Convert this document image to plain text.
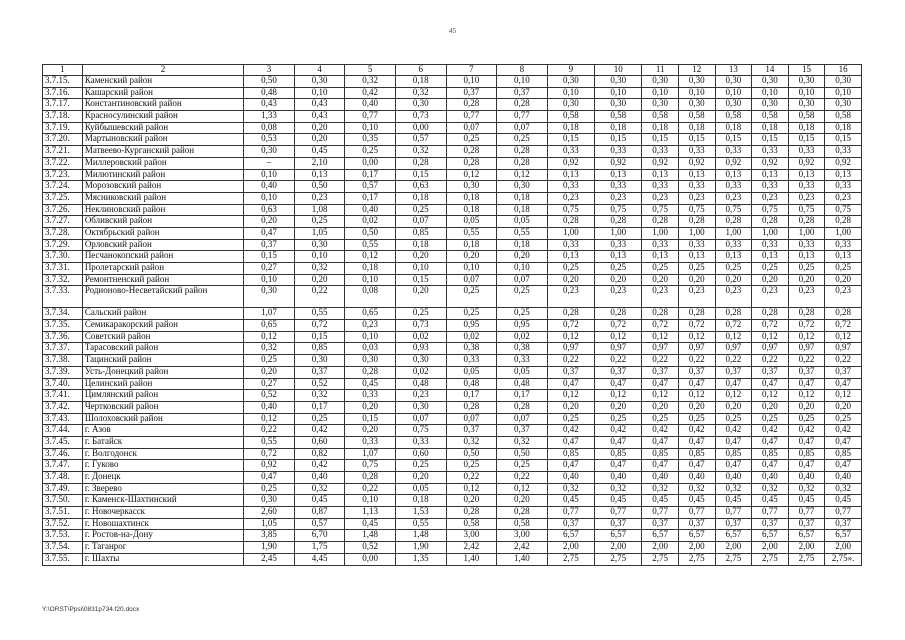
45
1	2	3	4	5	6	7	8	9	10	11	12	13	14	15	16
3.7.15.	Каменский район	0,50	0,30	0,32	0,18	0,10	0,10	0,30	0,30	0,30	0,30	0,30	0,30	0,30	0,30
3.7.16.	Кашарский район	0,48	0,10	0,42	0,32	0,37	0,37	0,10	0,10	0,10	0,10	0,10	0,10	0,10	0,10
3.7.17.	Константиновский район	0,43	0,43	0,40	0,30	0,28	0,28	0,30	0,30	0,30	0,30	0,30	0,30	0,30	0,30
3.7.18.	Красносулинский район	1,33	0,43	0,77	0,73	0,77	0,77	0,58	0,58	0,58	0,58	0,58	0,58	0,58	0,58
3.7.19.	Куйбышевский район	0,08	0,20	0,10	0,00	0,07	0,07	0,18	0,18	0,18	0,18	0,18	0,18	0,18	0,18
3.7.20.	Мартыновский район	0,53	0,20	0,35	0,57	0,25	0,25	0,15	0,15	0,15	0,15	0,15	0,15	0,15	0,15
3.7.21.	Матвеево-Курганский район	0,30	0,45	0,25	0,32	0,28	0,28	0,33	0,33	0,33	0,33	0,33	0,33	0,33	0,33
3.7.22.	Миллеровский район	–	2,10	0,00	0,28	0,28	0,28	0,92	0,92	0,92	0,92	0,92	0,92	0,92	0,92
3.7.23.	Милютинский район	0,10	0,13	0,17	0,15	0,12	0,12	0,13	0,13	0,13	0,13	0,13	0,13	0,13	0,13
3.7.24.	Морозовский район	0,40	0,50	0,57	0,63	0,30	0,30	0,33	0,33	0,33	0,33	0,33	0,33	0,33	0,33
3.7.25.	Мясниковский район	0,10	0,23	0,17	0,18	0,18	0,18	0,23	0,23	0,23	0,23	0,23	0,23	0,23	0,23
3.7.26.	Неклиновский район	0,63	1,08	0,40	0,25	0,18	0,18	0,75	0,75	0,75	0,75	0,75	0,75	0,75	0,75
3.7.27.	Обливский район	0,20	0,25	0,02	0,07	0,05	0,05	0,28	0,28	0,28	0,28	0,28	0,28	0,28	0,28
3.7.28.	Октябрьский район	0,47	1,05	0,50	0,85	0,55	0,55	1,00	1,00	1,00	1,00	1,00	1,00	1,00	1,00
3.7.29.	Орловский район	0,37	0,30	0,55	0,18	0,18	0,18	0,33	0,33	0,33	0,33	0,33	0,33	0,33	0,33
3.7.30.	Песчанокопский район	0,15	0,10	0,12	0,20	0,20	0,20	0,13	0,13	0,13	0,13	0,13	0,13	0,13	0,13
3.7.31.	Пролетарский район	0,27	0,32	0,18	0,10	0,10	0,10	0,25	0,25	0,25	0,25	0,25	0,25	0,25	0,25
3.7.32.	Ремонтненский район	0,10	0,20	0,10	0,15	0,07	0,07	0,20	0,20	0,20	0,20	0,20	0,20	0,20	0,20
3.7.33.	Родионово-Несветайский район	0,30	0,22	0,08	0,20	0,25	0,25	0,23	0,23	0,23	0,23	0,23	0,23	0,23	0,23
3.7.34.	Сальский район	1,07	0,55	0,65	0,25	0,25	0,25	0,28	0,28	0,28	0,28	0,28	0,28	0,28	0,28
3.7.35.	Семикаракорский район	0,65	0,72	0,23	0,73	0,95	0,95	0,72	0,72	0,72	0,72	0,72	0,72	0,72	0,72
3.7.36.	Советский район	0,12	0,15	0,10	0,02	0,02	0,02	0,12	0,12	0,12	0,12	0,12	0,12	0,12	0,12
3.7.37.	Тарасовский район	0,32	0,85	0,03	0,93	0,38	0,38	0,97	0,97	0,97	0,97	0,97	0,97	0,97	0,97
3.7.38.	Тацинский район	0,25	0,30	0,30	0,30	0,33	0,33	0,22	0,22	0,22	0,22	0,22	0,22	0,22	0,22
3.7.39.	Усть-Донецкий район	0,20	0,37	0,28	0,02	0,05	0,05	0,37	0,37	0,37	0,37	0,37	0,37	0,37	0,37
3.7.40.	Целинский район	0,27	0,52	0,45	0,48	0,48	0,48	0,47	0,47	0,47	0,47	0,47	0,47	0,47	0,47
3.7.41.	Цимлянский район	0,52	0,32	0,33	0,23	0,17	0,17	0,12	0,12	0,12	0,12	0,12	0,12	0,12	0,12
3.7.42.	Чертковский район	0,40	0,17	0,20	0,30	0,28	0,28	0,20	0,20	0,20	0,20	0,20	0,20	0,20	0,20
3.7.43.	Шолоховский район	0,12	0,25	0,15	0,07	0,07	0,07	0,25	0,25	0,25	0,25	0,25	0,25	0,25	0,25
3.7.44.	г. Азов	0,22	0,42	0,20	0,75	0,37	0,37	0,42	0,42	0,42	0,42	0,42	0,42	0,42	0,42
3.7.45.	г. Батайск	0,55	0,60	0,33	0,33	0,32	0,32	0,47	0,47	0,47	0,47	0,47	0,47	0,47	0,47
3.7.46.	г. Волгодонск	0,72	0,82	1,07	0,60	0,50	0,50	0,85	0,85	0,85	0,85	0,85	0,85	0,85	0,85
3.7.47.	г. Гуково	0,92	0,42	0,75	0,25	0,25	0,25	0,47	0,47	0,47	0,47	0,47	0,47	0,47	0,47
3.7.48.	г. Донецк	0,47	0,40	0,28	0,20	0,22	0,22	0,40	0,40	0,40	0,40	0,40	0,40	0,40	0,40
3.7.49.	г. Зверево	0,25	0,32	0,22	0,05	0,12	0,12	0,32	0,32	0,32	0,32	0,32	0,32	0,32	0,32
3.7.50.	г. Каменск-Шахтинский	0,30	0,45	0,10	0,18	0,20	0,20	0,45	0,45	0,45	0,45	0,45	0,45	0,45	0,45
3.7.51.	г. Новочеркасск	2,60	0,87	1,13	1,53	0,28	0,28	0,77	0,77	0,77	0,77	0,77	0,77	0,77	0,77
3.7.52.	г. Новошахтинск	1,05	0,57	0,45	0,55	0,58	0,58	0,37	0,37	0,37	0,37	0,37	0,37	0,37	0,37
3.7.53.	г. Ростов-на-Дону	3,85	6,70	1,48	1,48	3,00	3,00	6,57	6,57	6,57	6,57	6,57	6,57	6,57	6,57
3.7.54.	г. Таганрог	1,90	1,75	0,52	1,90	2,42	2,42	2,00	2,00	2,00	2,00	2,00	2,00	2,00	2,00
3.7.55.	г. Шахты	2,45	4,45	0,00	1,35	1,40	1,40	2,75	2,75	2,75	2,75	2,75	2,75	2,75	2,75».
Y:\ORST\Ppsi\0831p734.f20.docx
